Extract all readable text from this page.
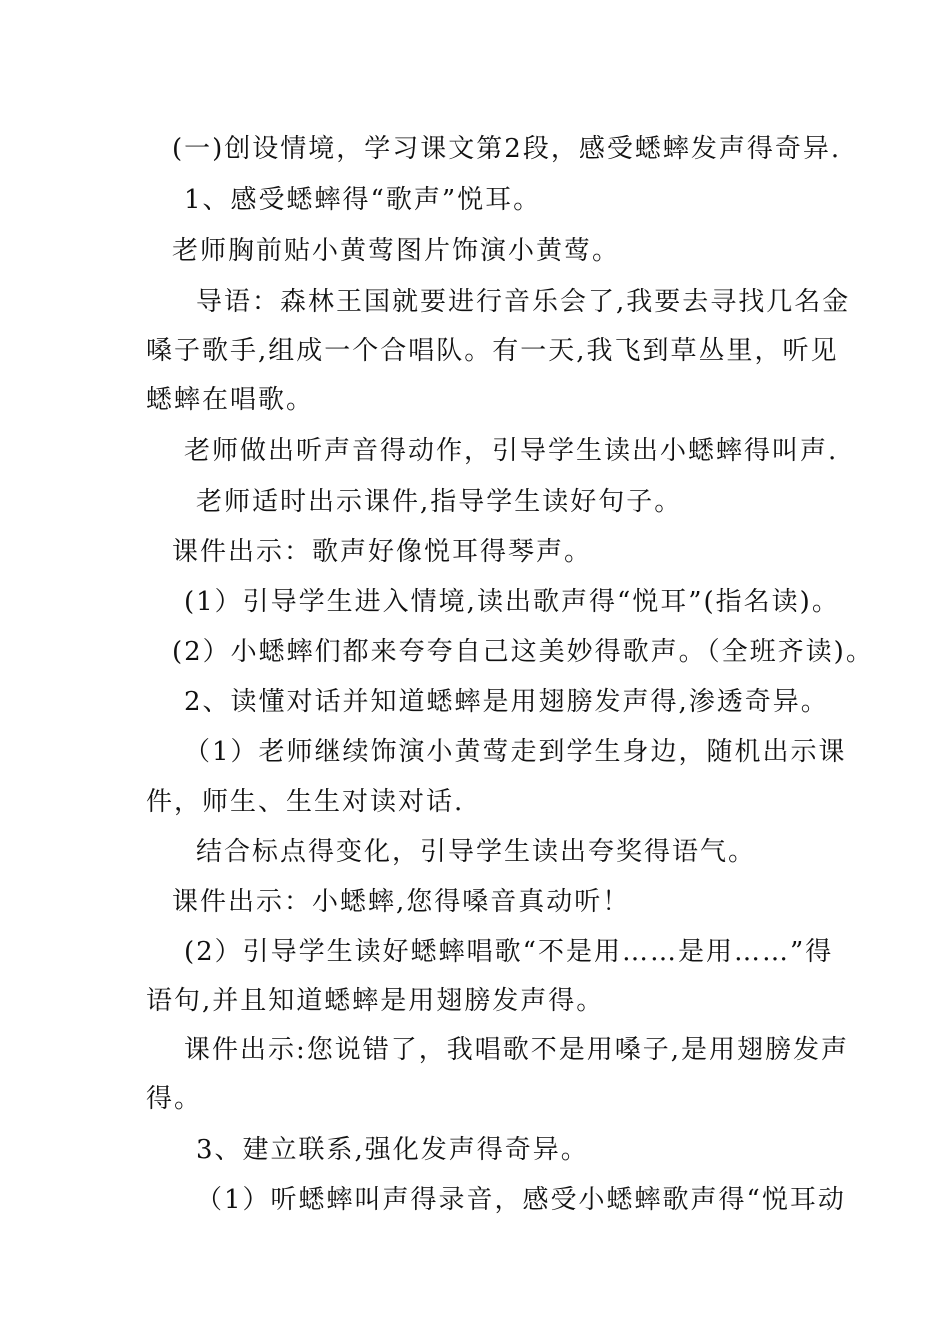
(一)创设情境，学习课文第2段，感受蟋蟀发声得奇异.
1、感受蟋蟀得“歌声”悦耳。
老师胸前贴小黄莺图片饰演小黄莺。
导语：森林王国就要进行音乐会了,我要去寻找几名金
嗓子歌手,组成一个合唱队。有一天,我飞到草丛里，听见
蟋蟀在唱歌。
老师做出听声音得动作，引导学生读出小蟋蟀得叫声.
老师适时出示课件,指导学生读好句子。
课件出示：歌声好像悦耳得琴声。
(1）引导学生进入情境,读出歌声得“悦耳”(指名读)。
(2）小蟋蟀们都来夸夸自己这美妙得歌声。（全班齐读)。
2、读懂对话并知道蟋蟀是用翅膀发声得,渗透奇异。
（1）老师继续饰演小黄莺走到学生身边，随机出示课
件，师生、生生对读对话.
结合标点得变化，引导学生读出夸奖得语气。
课件出示：小蟋蟀,您得嗓音真动听！
(2）引导学生读好蟋蟀唱歌“不是用……是用……”得
语句,并且知道蟋蟀是用翅膀发声得。
课件出示:您说错了，我唱歌不是用嗓子,是用翅膀发声
得。
3、建立联系,强化发声得奇异。
（1）听蟋蟀叫声得录音，感受小蟋蟀歌声得“悦耳动
